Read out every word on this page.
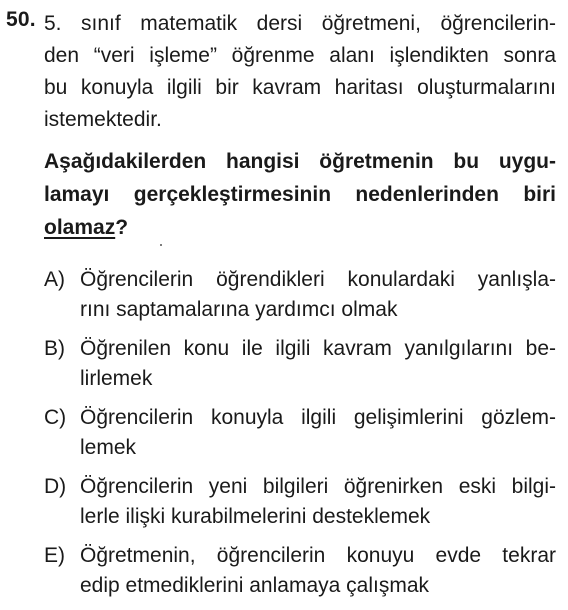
50. 5. sınıf matematik dersi öğretmeni, öğrencilerin-
den “veri işleme” öğrenme alanı işlendikten sonra
bu konuyla ilgili bir kavram haritası oluşturmalarını
istemektedir.
Aşağıdakilerden hangisi öğretmenin bu uygu-
lamayı gerçekleştirmesinin nedenlerinden biri
olamaz?
A) Öğrencilerin öğrendikleri konulardaki yanlışla-
rını saptamalarına yardımcı olmak
B) Öğrenilen konu ile ilgili kavram yanılgılarını be-
lirlemek
C) Öğrencilerin konuyla ilgili gelişimlerini gözlem-
lemek
D) Öğrencilerin yeni bilgileri öğrenirken eski bilgi-
lerle ilişki kurabilmelerini desteklemek
E) Öğretmenin, öğrencilerin konuyu evde tekrar
edip etmediklerini anlamaya çalışmak
